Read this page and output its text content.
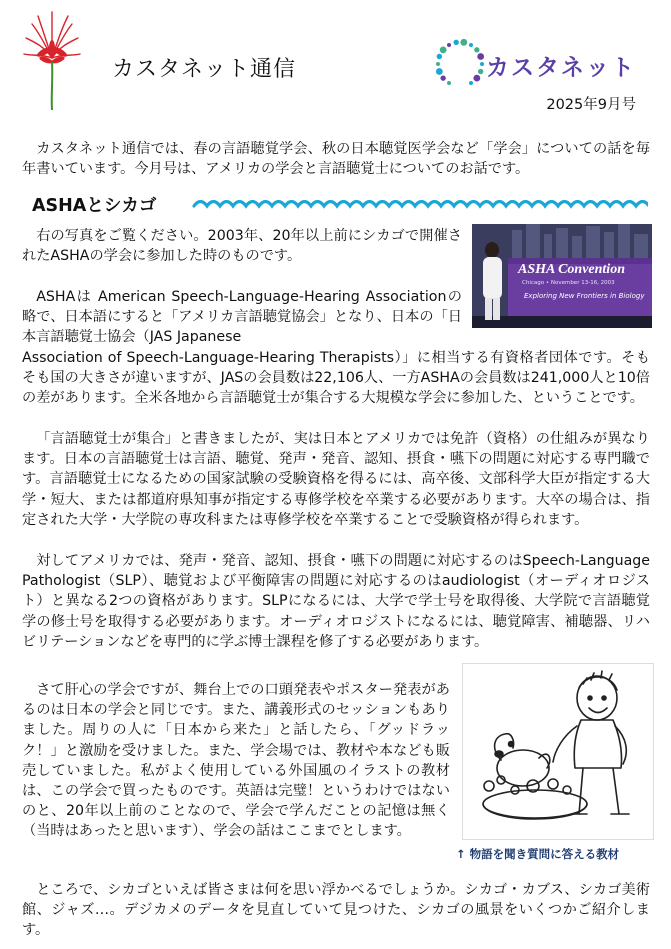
カスタネット通信	カスタネット
2025年9月号

カスタネット通信では、春の言語聴覚学会、秋の日本聴覚医学会など「学会」についての話を毎年書いています。今月号は、アメリカの学会と言語聴覚士についてのお話です。

ASHAとシカゴ

右の写真をご覧ください。2003年、20年以上前にシカゴで開催されたASHAの学会に参加した時のものです。

ASHA Convention
Chicago • November 13-16, 2003
Exploring New Frontiers in Biology

ASHAは American Speech-Language-Hearing Associationの略で、日本語にすると「アメリカ言語聴覚協会」となり、日本の「日本言語聴覚士協会（JAS Japanese
Association of Speech-Language-Hearing Therapists）」に相当する有資格者団体です。そもそも国の大きさが違いますが、JASの会員数は22,106人、一方ASHAの会員数は241,000人と10倍の差があります。全米各地から言語聴覚士が集合する大規模な学会に参加した、ということです。

「言語聴覚士が集合」と書きましたが、実は日本とアメリカでは免許（資格）の仕組みが異なります。日本の言語聴覚士は言語、聴覚、発声・発音、認知、摂食・嚥下の問題に対応する専門職です。言語聴覚士になるための国家試験の受験資格を得るには、高卒後、文部科学大臣が指定する大学・短大、または都道府県知事が指定する専修学校を卒業する必要があります。大卒の場合は、指定された大学・大学院の専攻科または専修学校を卒業することで受験資格が得られます。

対してアメリカでは、発声・発音、認知、摂食・嚥下の問題に対応するのはSpeech-Language Pathologist（SLP）、聴覚および平衡障害の問題に対応するのはaudiologist（オーディオロジスト）と異なる2つの資格があります。SLPになるには、大学で学士号を取得後、大学院で言語聴覚学の修士号を取得する必要があります。オーディオロジストになるには、聴覚障害、補聴器、リハビリテーションなどを専門的に学ぶ博士課程を修了する必要があります。

さて肝心の学会ですが、舞台上での口頭発表やポスター発表があるのは日本の学会と同じです。また、講義形式のセッションもありました。周りの人に「日本から来た」と話したら、「グッドラック！」と激励を受けました。また、学会場では、教材や本なども販売していました。私がよく使用している外国風のイラストの教材は、この学会で買ったものです。英語は完璧！というわけではないのと、20年以上前のことなので、学会で学んだことの記憶は無く（当時はあったと思います）、学会の話はここまでとします。

↑ 物語を聞き質問に答える教材

ところで、シカゴといえば皆さまは何を思い浮かべるでしょうか。シカゴ・カブス、シカゴ美術館、ジャズ…。デジカメのデータを見直していて見つけた、シカゴの風景をいくつかご紹介します。
